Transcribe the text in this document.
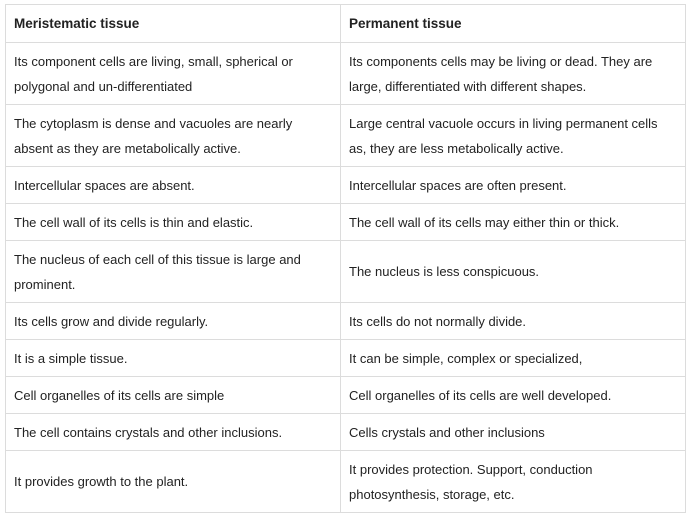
Meristematic tissue	Permanent tissue
Its component cells are living, small, spherical or polygonal and un-differentiated	Its components cells may be living or dead. They are large, differentiated with different shapes.
The cytoplasm is dense and vacuoles are nearly absent as they are metabolically active.	Large central vacuole occurs in living permanent cells as, they are less metabolically active.
Intercellular spaces are absent.	Intercellular spaces are often present.
The cell wall of its cells is thin and elastic.	The cell wall of its cells may either thin or thick.
The nucleus of each cell of this tissue is large and prominent.	The nucleus is less conspicuous.
Its cells grow and divide regularly.	Its cells do not normally divide.
It is a simple tissue.	It can be simple, complex or specialized,
Cell organelles of its cells are simple	Cell organelles of its cells are well developed.
The cell contains crystals and other inclusions.	Cells crystals and other inclusions
It provides growth to the plant.	It provides protection. Support, conduction photosynthesis, storage, etc.
